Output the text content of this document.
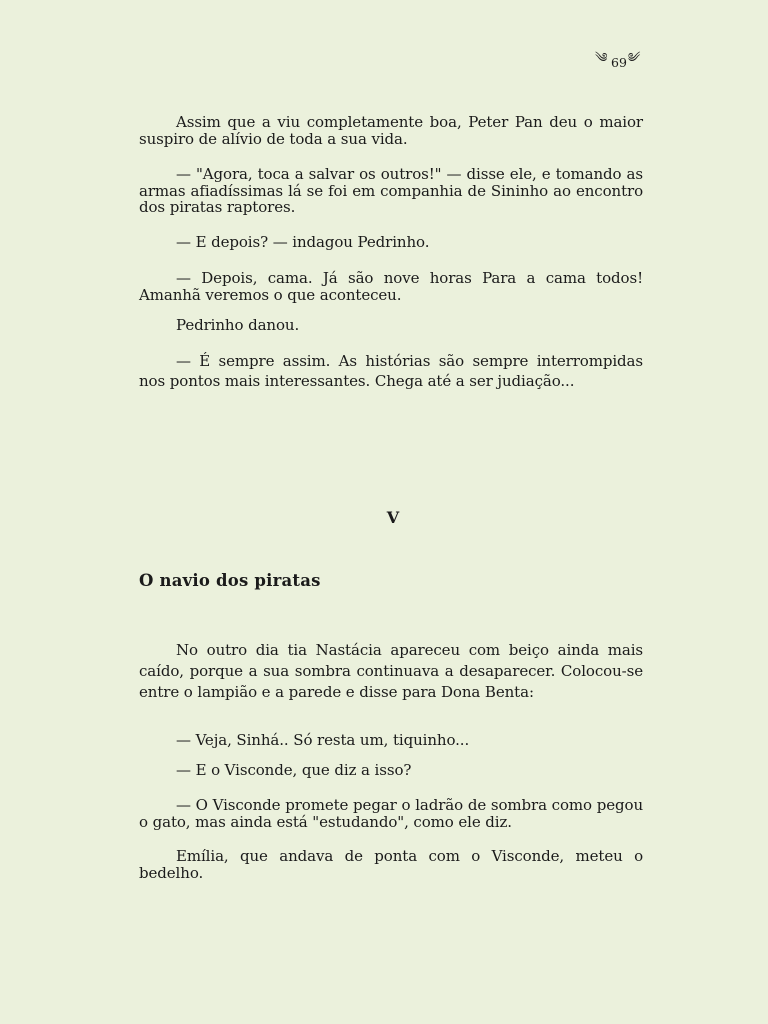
༄ 69 ༄

Assim que a viu completamente boa, Peter Pan deu o maior suspiro de alívio de toda a sua vida.

— "Agora, toca a salvar os outros!" — disse ele, e tomando as armas afiadíssimas lá se foi em companhia de Sininho ao encontro dos piratas raptores.

— E depois? — indagou Pedrinho.

— Depois, cama. Já são nove horas Para a cama todos! Amanhã veremos o que aconteceu.

Pedrinho danou.

— É sempre assim. As histórias são sempre interrompidas nos pontos mais interessantes. Chega até a ser judiação...

V

O navio dos piratas

No outro dia tia Nastácia apareceu com beiço ainda mais caído, porque a sua sombra continuava a desaparecer. Colocou-se entre o lampião e a parede e disse para Dona Benta:

— Veja, Sinhá.. Só resta um, tiquinho...

— E o Visconde, que diz a isso?

— O Visconde promete pegar o ladrão de sombra como pegou o gato, mas ainda está "estudando", como ele diz.

Emília, que andava de ponta com o Visconde, meteu o bedelho.
